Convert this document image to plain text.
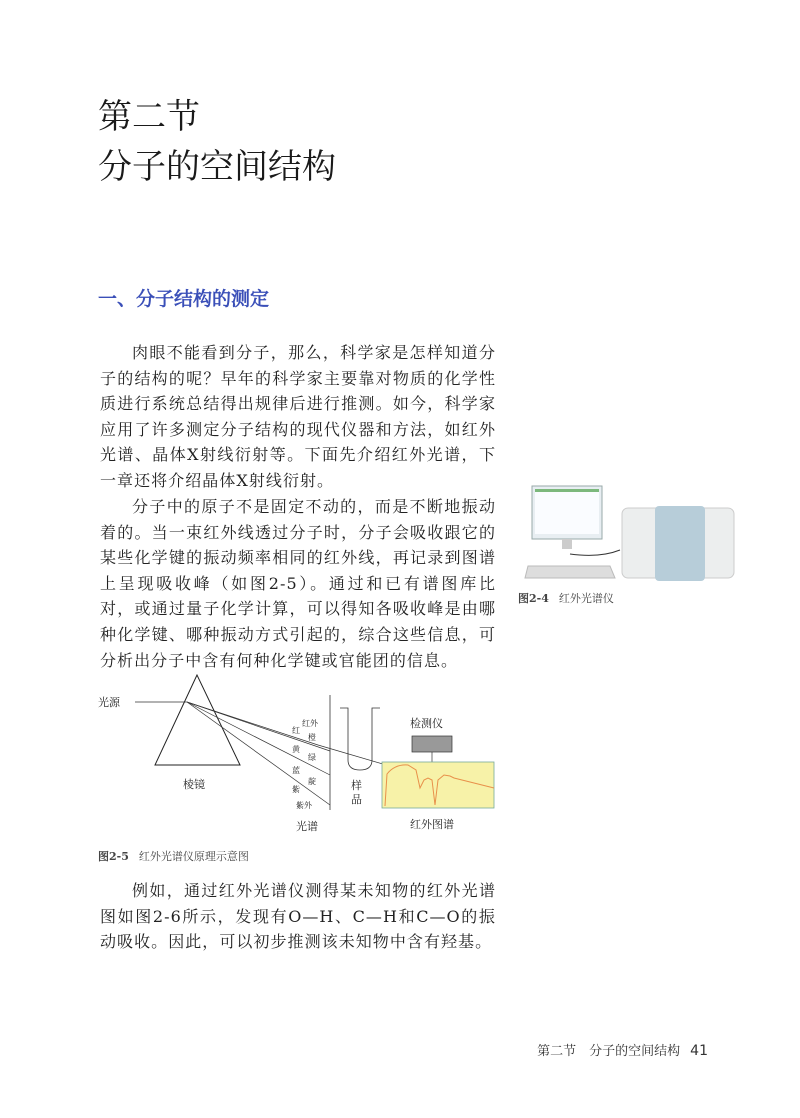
第二节
分子的空间结构
一、分子结构的测定

肉眼不能看到分子，那么，科学家是怎样知道分子的结构的呢？早年的科学家主要靠对物质的化学性质进行系统总结得出规律后进行推测。如今，科学家应用了许多测定分子结构的现代仪器和方法，如红外光谱、晶体X射线衍射等。下面先介绍红外光谱，下一章还将介绍晶体X射线衍射。

分子中的原子不是固定不动的，而是不断地振动着的。当一束红外线透过分子时，分子会吸收跟它的某些化学键的振动频率相同的红外线，再记录到图谱上呈现吸收峰（如图2-5）。通过和已有谱图库比对，或通过量子化学计算，可以得知各吸收峰是由哪种化学键、哪种振动方式引起的，综合这些信息，可分析出分子中含有何种化学键或官能团的信息。

例如，通过红外光谱仪测得某未知物的红外光谱图如图2-6所示，发现有O—H、C—H和C—O的振动吸收。因此，可以初步推测该未知物中含有羟基。

图2-4 红外光谱仪
光源
棱镜
红外
红
橙
黄
绿
蓝
靛
紫
紫外
光谱
样
品
检测仪
红外图谱
图2-5 红外光谱仪原理示意图
第二节　分子的空间结构 41
